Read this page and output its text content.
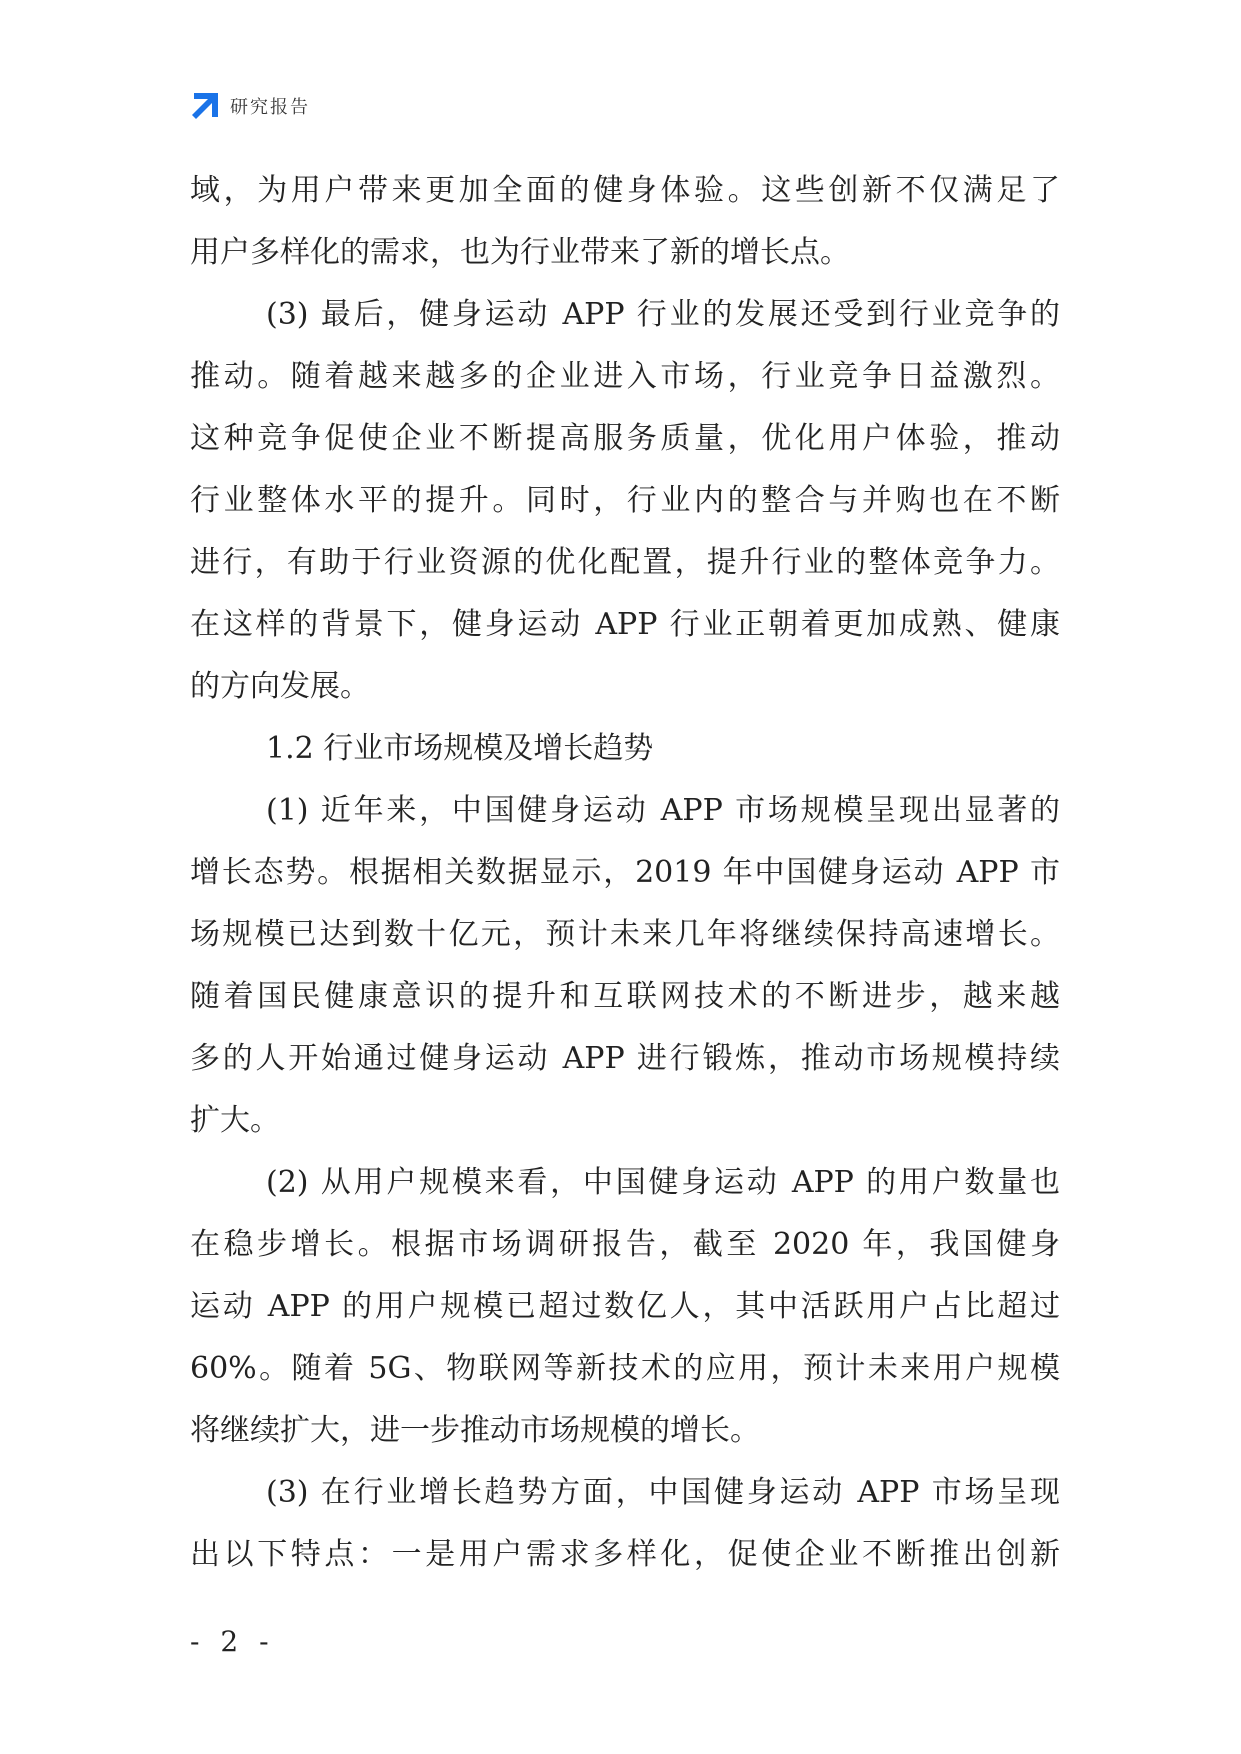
研究报告
域，为用户带来更加全面的健身体验。这些创新不仅满足了
用户多样化的需求，也为行业带来了新的增长点。
(3) 最后，健身运动 APP 行业的发展还受到行业竞争的
推动。随着越来越多的企业进入市场，行业竞争日益激烈。
这种竞争促使企业不断提高服务质量，优化用户体验，推动
行业整体水平的提升。同时，行业内的整合与并购也在不断
进行，有助于行业资源的优化配置，提升行业的整体竞争力。
在这样的背景下，健身运动 APP 行业正朝着更加成熟、健康
的方向发展。
1.2 行业市场规模及增长趋势
(1) 近年来，中国健身运动 APP 市场规模呈现出显著的
增长态势。根据相关数据显示，2019 年中国健身运动 APP 市
场规模已达到数十亿元，预计未来几年将继续保持高速增长。
随着国民健康意识的提升和互联网技术的不断进步，越来越
多的人开始通过健身运动 APP 进行锻炼，推动市场规模持续
扩大。
(2) 从用户规模来看，中国健身运动 APP 的用户数量也
在稳步增长。根据市场调研报告，截至 2020 年，我国健身
运动 APP 的用户规模已超过数亿人，其中活跃用户占比超过
60%。随着 5G、物联网等新技术的应用，预计未来用户规模
将继续扩大，进一步推动市场规模的增长。
(3) 在行业增长趋势方面，中国健身运动 APP 市场呈现
出以下特点：一是用户需求多样化，促使企业不断推出创新
- 2 -
